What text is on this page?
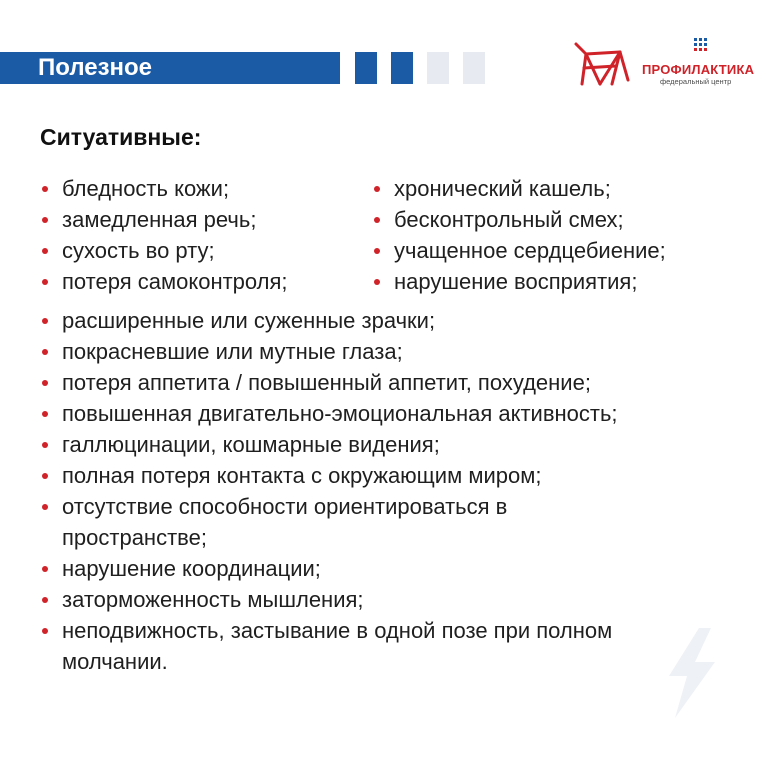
Полезное	ПРОФИЛАКТИКА
федеральный центр
Ситуативные:
бледность кожи;
замедленная речь;
сухость во рту;
потеря самоконтроля;
хронический кашель;
бесконтрольный смех;
учащенное сердцебиение;
нарушение восприятия;
расширенные или суженные зрачки;
покрасневшие или мутные глаза;
потеря аппетита / повышенный аппетит, похудение;
повышенная двигательно-эмоциональная активность;
галлюцинации, кошмарные видения;
полная потеря контакта с окружающим миром;
отсутствие способности ориентироваться в пространстве;
нарушение координации;
заторможенность мышления;
неподвижность, застывание в одной позе при полном молчании.
